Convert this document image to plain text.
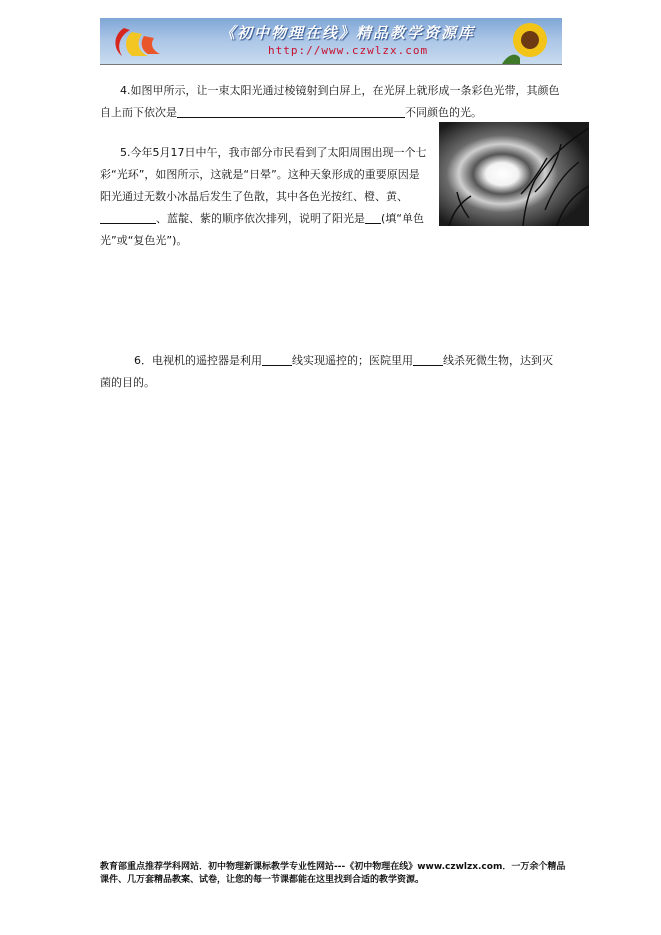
《初中物理在线》精品教学资源库
http://www.czwlzx.com
4.如图甲所示，让一束太阳光通过棱镜射到白屏上，在光屏上就形成一条彩色光带，其颜色自上而下依次是	不同颜色的光。
5.今年5月17日中午，我市部分市民看到了太阳周围出现一个七彩“光环”，如图所示，这就是“日晕”。这种天象形成的重要原因是阳光通过无数小冰晶后发生了色散，其中各色光按红、橙、黄、、蓝靛、紫的顺序依次排列，说明了阳光是 (填“单色光”或“复色光”)。
6．电视机的遥控器是利用	线实现遥控的；医院里用	线杀死微生物，达到灭菌的目的。
教育部重点推荐学科网站．初中物理新课标教学专业性网站---《初中物理在线》www.czwlzx.com．一万余个精品课件、几万套精品教案、试卷，让您的每一节课都能在这里找到合适的教学资源。
